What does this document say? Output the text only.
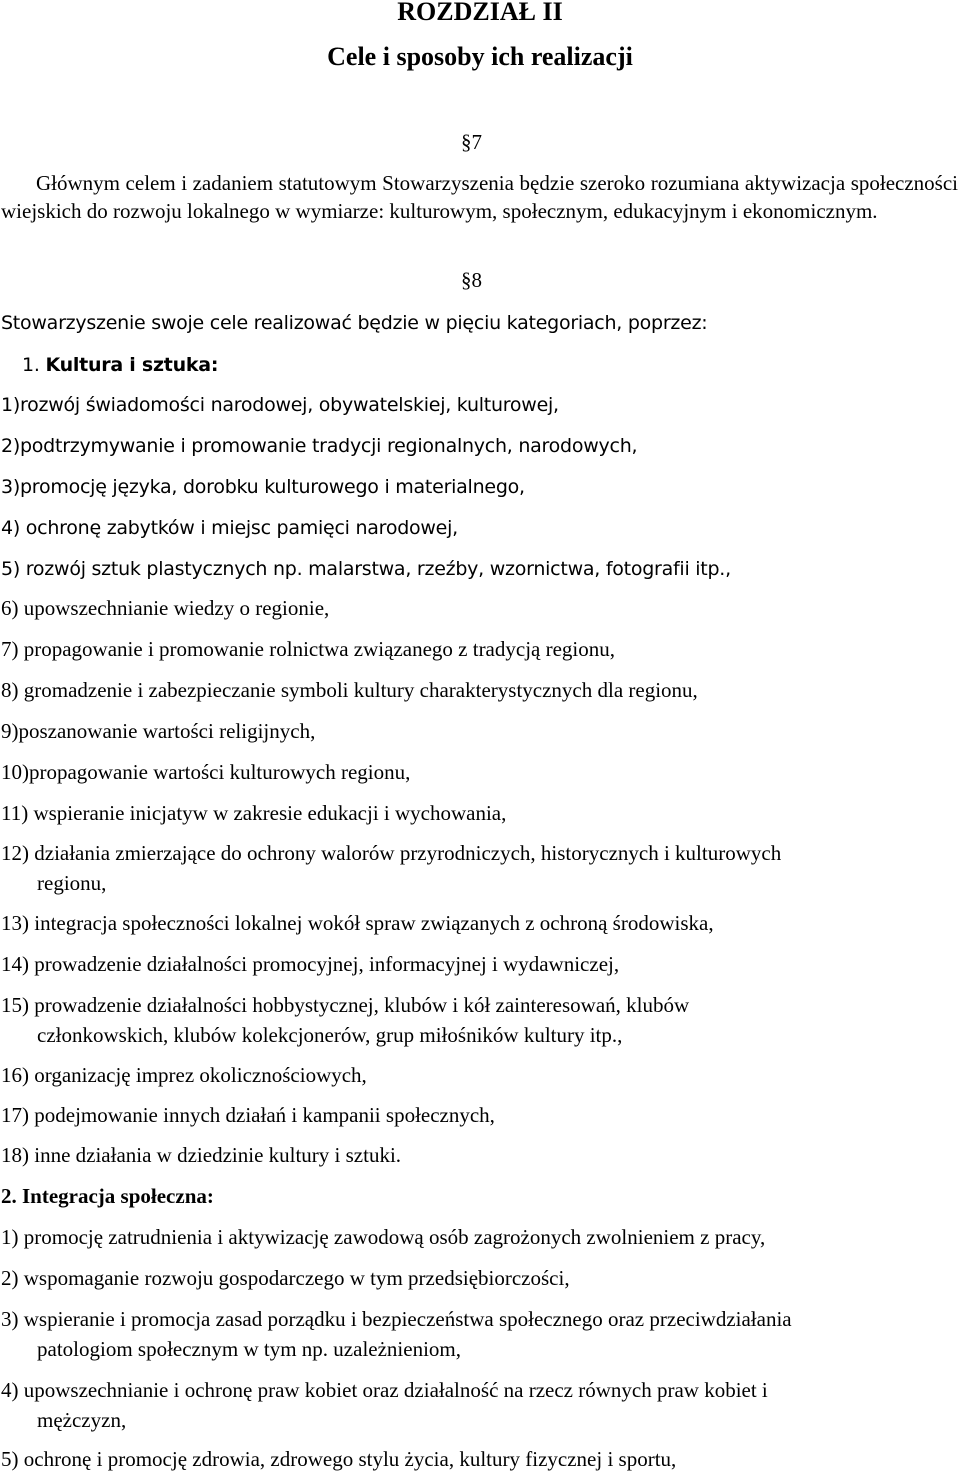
ROZDZIAŁ II
Cele i sposoby ich realizacji
§7

Głównym celem i zadaniem statutowym Stowarzyszenia będzie szeroko rozumiana aktywizacja społeczności wiejskich do rozwoju lokalnego w wymiarze: kulturowym, społecznym, edukacyjnym i ekonomicznym.

§8
Stowarzyszenie swoje cele realizować będzie w pięciu kategoriach, poprzez:
1. Kultura i sztuka:
1)rozwój świadomości narodowej, obywatelskiej, kulturowej,
2)podtrzymywanie i promowanie tradycji regionalnych, narodowych,
3)promocję języka, dorobku kulturowego i materialnego,
4) ochronę zabytków i miejsc pamięci narodowej,
5) rozwój sztuk plastycznych np. malarstwa, rzeźby, wzornictwa, fotografii itp.,
6) upowszechnianie wiedzy o regionie,
7) propagowanie i promowanie rolnictwa związanego z tradycją regionu,
8) gromadzenie i zabezpieczanie symboli kultury charakterystycznych dla regionu,
9)poszanowanie wartości religijnych,
10)propagowanie wartości kulturowych regionu,
11) wspieranie inicjatyw w zakresie edukacji i wychowania,
12) działania zmierzające do ochrony walorów przyrodniczych, historycznych i kulturowych
regionu,
13) integracja społeczności lokalnej wokół spraw związanych z ochroną środowiska,
14) prowadzenie działalności promocyjnej, informacyjnej i wydawniczej,
15) prowadzenie działalności hobbystycznej, klubów i kół zainteresowań, klubów
członkowskich, klubów kolekcjonerów, grup miłośników kultury itp.,
16) organizację imprez okolicznościowych,
17) podejmowanie innych działań i kampanii społecznych,
18) inne działania w dziedzinie kultury i sztuki.
2. Integracja społeczna:
1) promocję zatrudnienia i aktywizację zawodową osób zagrożonych zwolnieniem z pracy,
2) wspomaganie rozwoju gospodarczego w tym przedsiębiorczości,
3) wspieranie i promocja zasad porządku i bezpieczeństwa społecznego oraz przeciwdziałania
patologiom społecznym w tym np. uzależnieniom,
4) upowszechnianie i ochronę praw kobiet oraz działalność na rzecz równych praw kobiet i
mężczyzn,
5) ochronę i promocję zdrowia, zdrowego stylu życia, kultury fizycznej i sportu,
